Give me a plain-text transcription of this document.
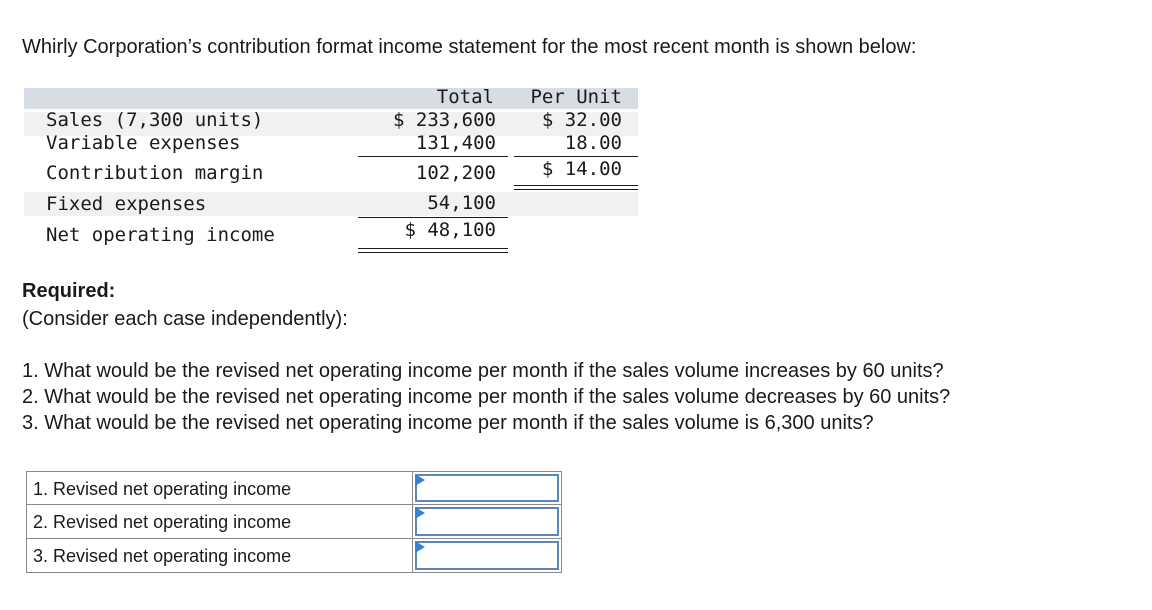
Whirly Corporation’s contribution format income statement for the most recent month is shown below:
Total Per Unit
Sales (7,300 units)	$ 233,600 $ 32.00
Variable expenses	131,400	18.00
Contribution margin	102,200 $ 14.00
Fixed expenses	54,100
Net operating income	$ 48,100
Required:
(Consider each case independently):
1. What would be the revised net operating income per month if the sales volume increases by 60 units?
2. What would be the revised net operating income per month if the sales volume decreases by 60 units?
3. What would be the revised net operating income per month if the sales volume is 6,300 units?
1. Revised net operating income
2. Revised net operating income
3. Revised net operating income
